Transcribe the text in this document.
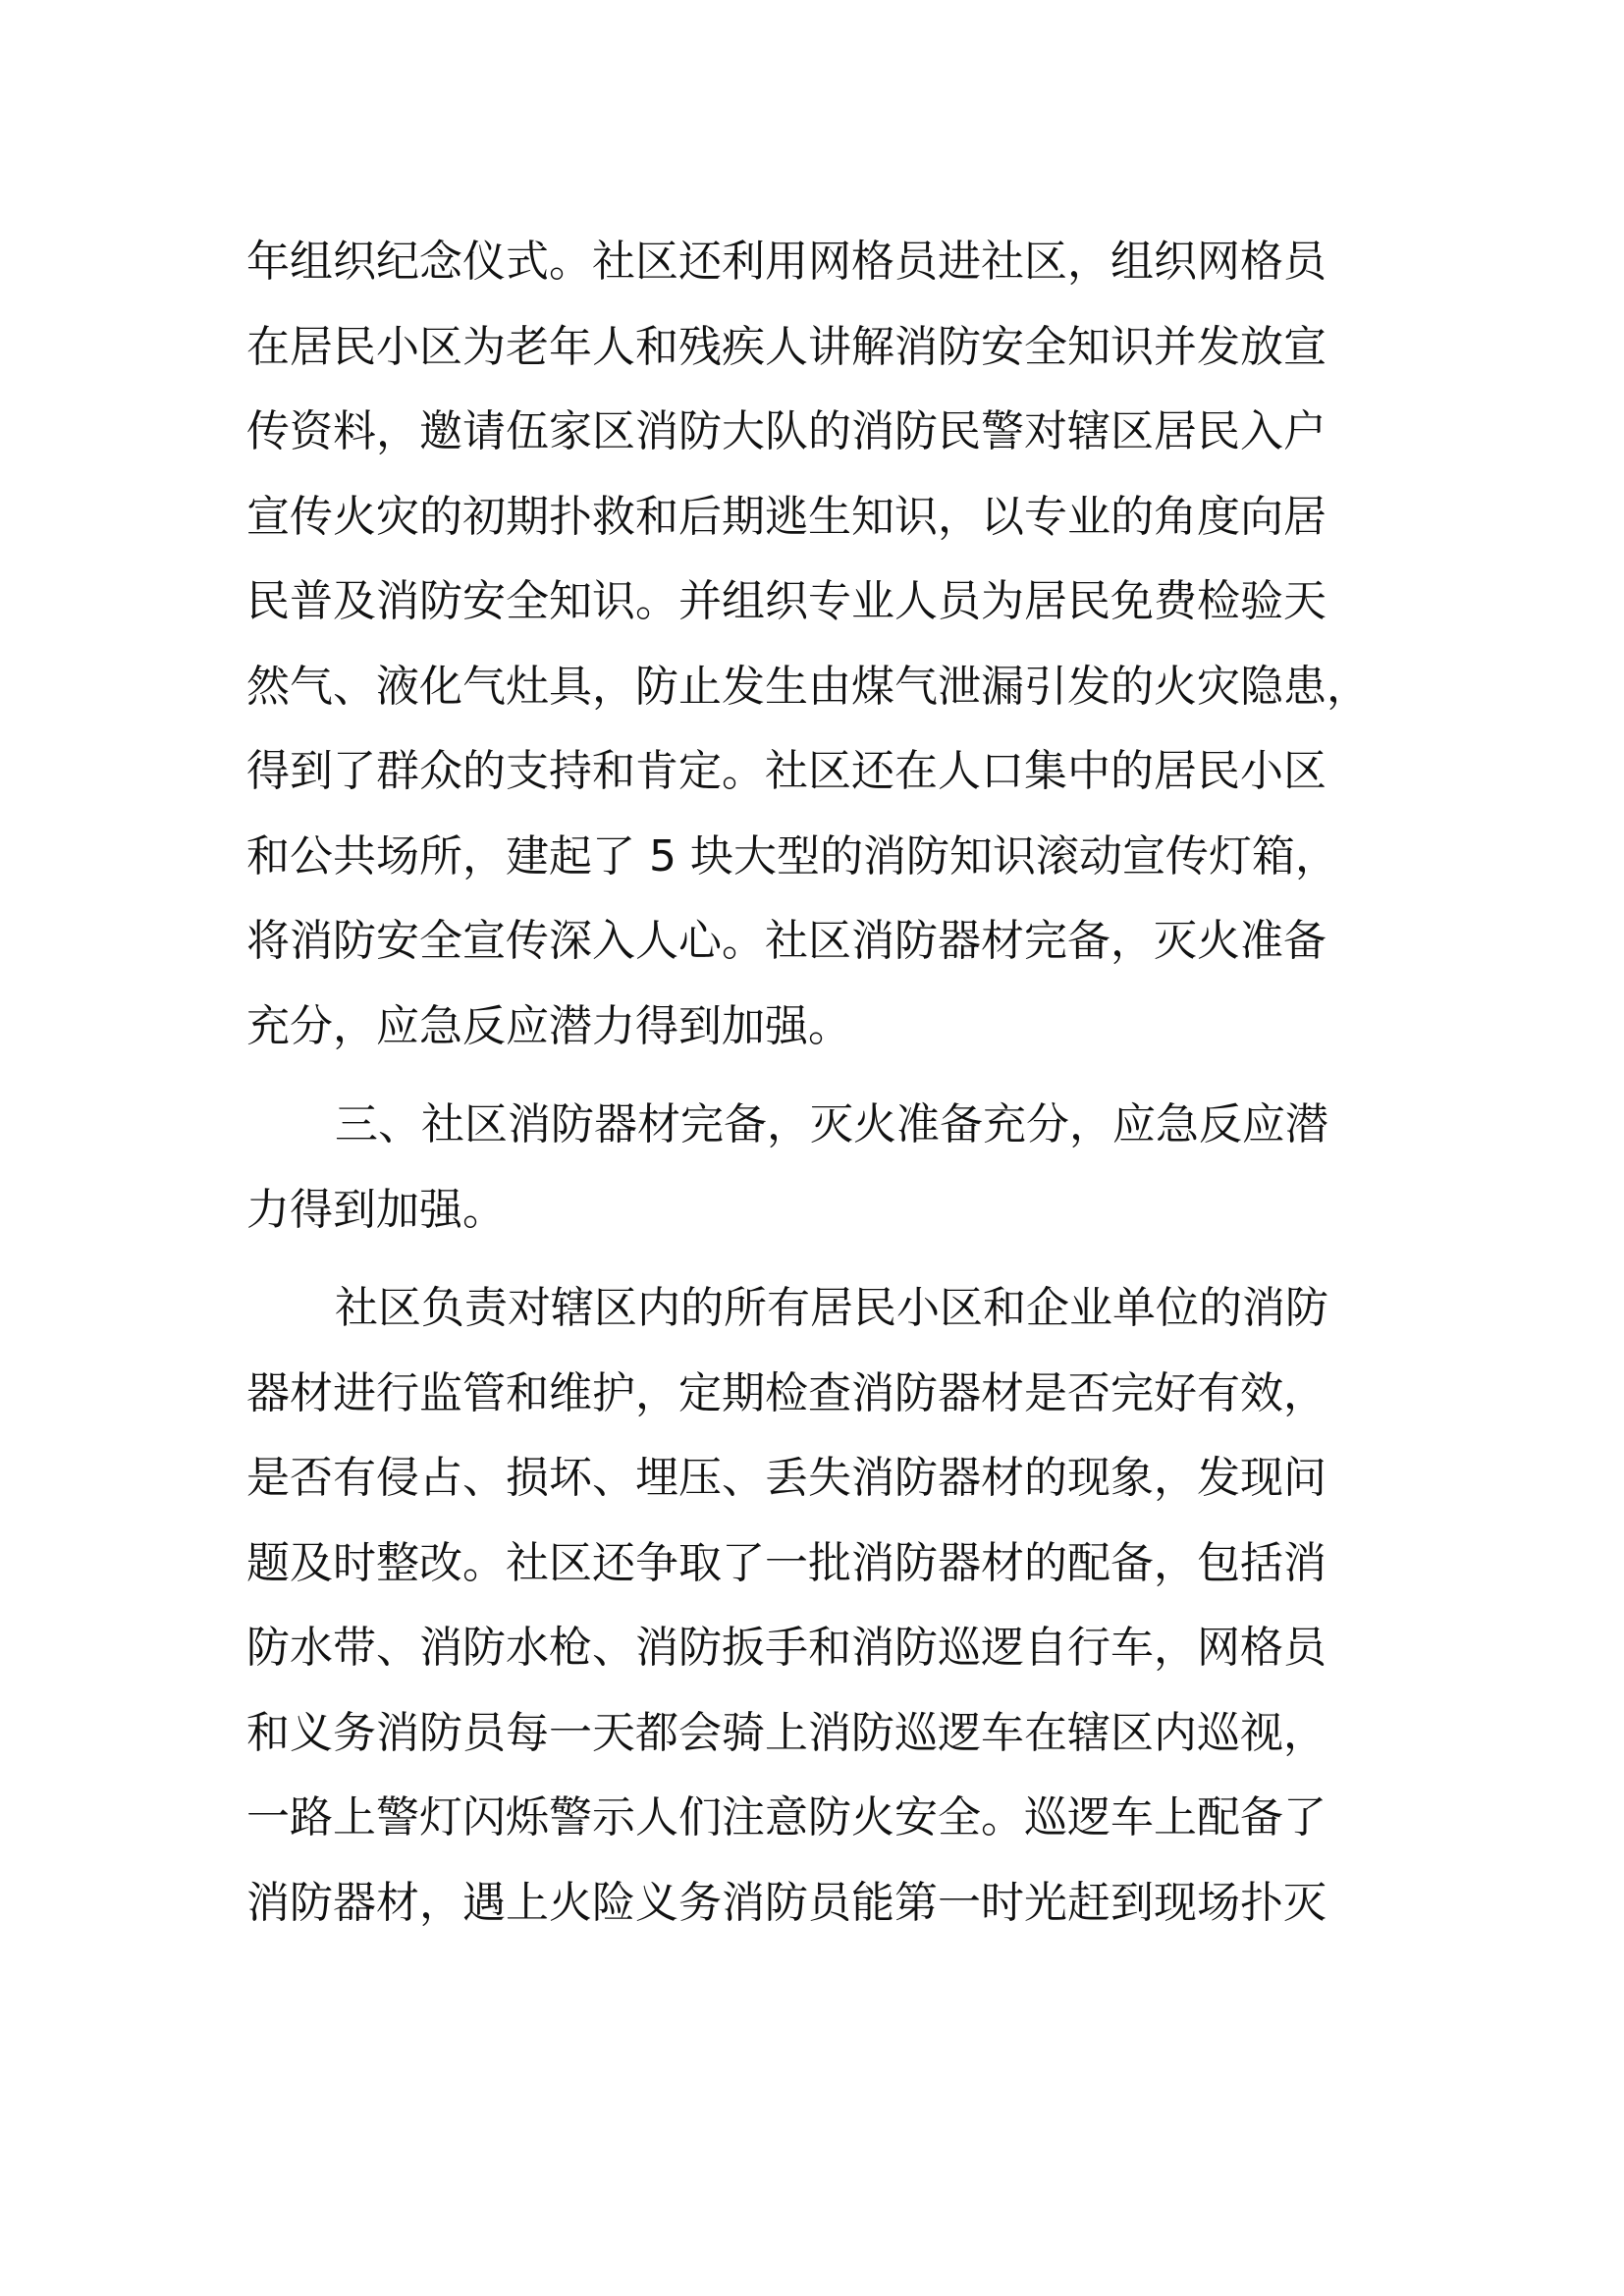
年组织纪念仪式。社区还利用网格员进社区，组织网格员
在居民小区为老年人和残疾人讲解消防安全知识并发放宣
传资料，邀请伍家区消防大队的消防民警对辖区居民入户
宣传火灾的初期扑救和后期逃生知识，以专业的角度向居
民普及消防安全知识。并组织专业人员为居民免费检验天
然气、液化气灶具，防止发生由煤气泄漏引发的火灾隐患，
得到了群众的支持和肯定。社区还在人口集中的居民小区
和公共场所，建起了 5 块大型的消防知识滚动宣传灯箱，
将消防安全宣传深入人心。社区消防器材完备，灭火准备
充分，应急反应潜力得到加强。
三、社区消防器材完备，灭火准备充分，应急反应潜
力得到加强。
社区负责对辖区内的所有居民小区和企业单位的消防
器材进行监管和维护，定期检查消防器材是否完好有效，
是否有侵占、损坏、埋压、丢失消防器材的现象，发现问
题及时整改。社区还争取了一批消防器材的配备，包括消
防水带、消防水枪、消防扳手和消防巡逻自行车，网格员
和义务消防员每一天都会骑上消防巡逻车在辖区内巡视，
一路上警灯闪烁警示人们注意防火安全。巡逻车上配备了
消防器材，遇上火险义务消防员能第一时光赶到现场扑灭
